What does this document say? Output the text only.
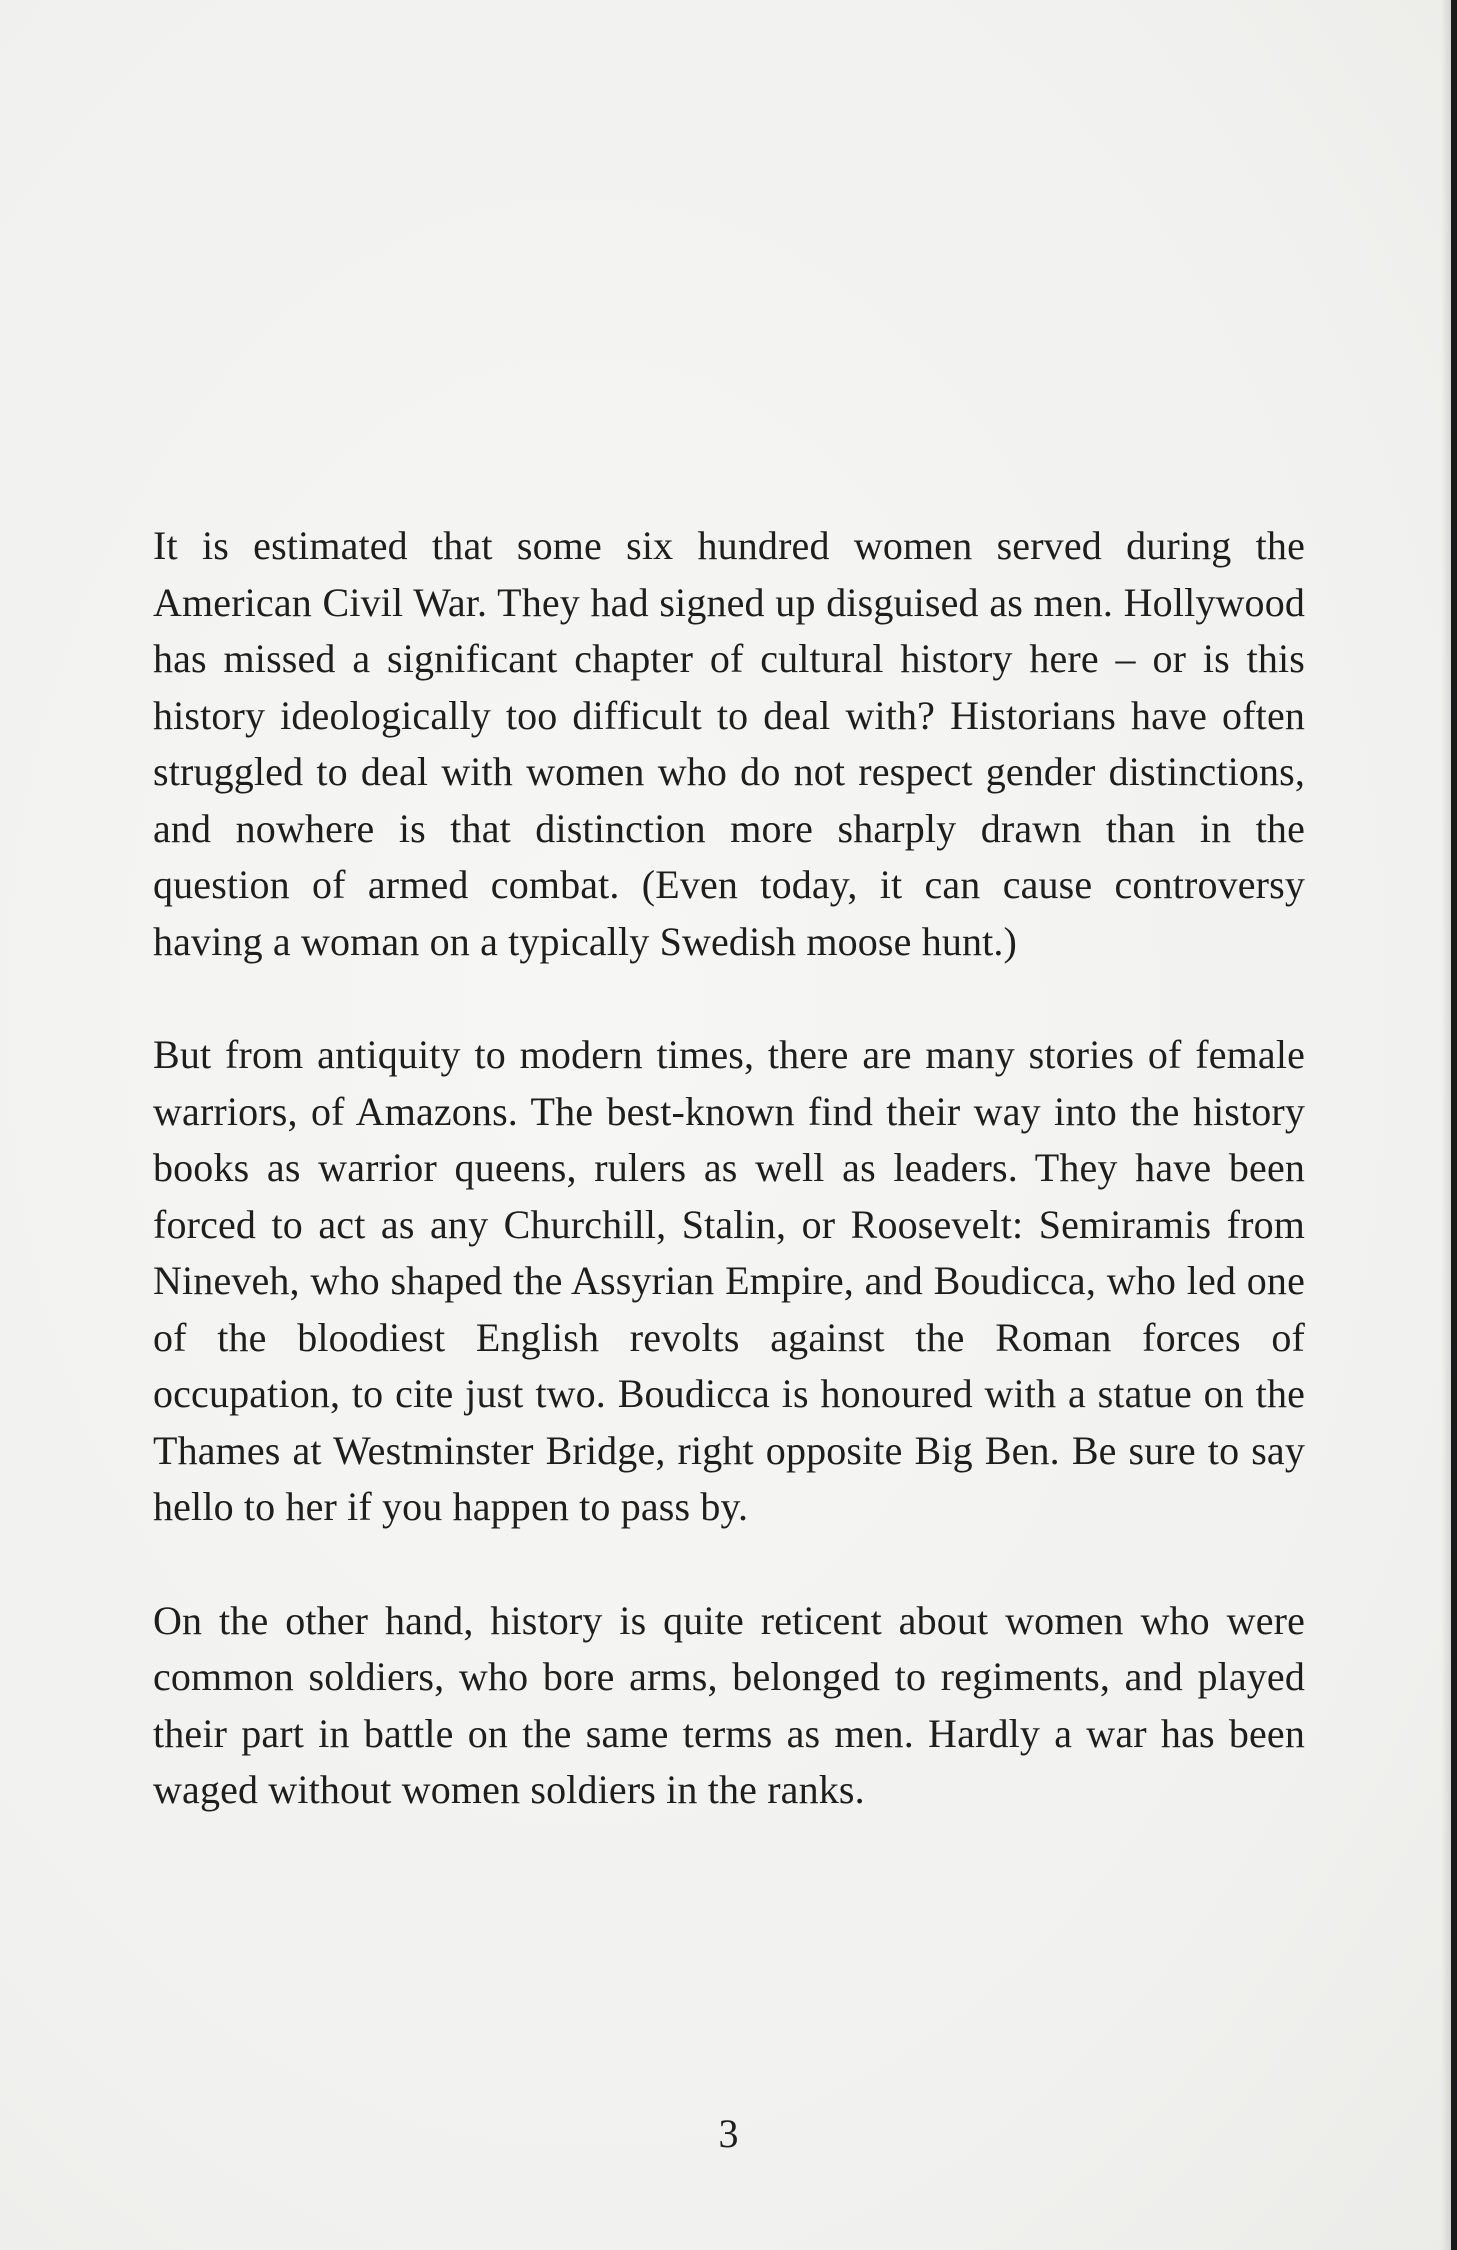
It is estimated that some six hundred women served during the American Civil War. They had signed up disguised as men. Hollywood has missed a significant chapter of cultural history here – or is this history ideologically too difficult to deal with? Historians have often struggled to deal with women who do not respect gender distinctions, and nowhere is that distinction more sharply drawn than in the question of armed combat. (Even today, it can cause controversy having a woman on a typically Swedish moose hunt.)

But from antiquity to modern times, there are many stories of female warriors, of Amazons. The best-known find their way into the history books as warrior queens, rulers as well as leaders. They have been forced to act as any Churchill, Stalin, or Roosevelt: Semiramis from Nineveh, who shaped the Assyrian Empire, and Boudicca, who led one of the bloodiest English revolts against the Roman forces of occupation, to cite just two. Boudicca is honoured with a statue on the Thames at Westminster Bridge, right opposite Big Ben. Be sure to say hello to her if you happen to pass by.

On the other hand, history is quite reticent about women who were common soldiers, who bore arms, belonged to regiments, and played their part in battle on the same terms as men. Hardly a war has been waged without women soldiers in the ranks.

3
